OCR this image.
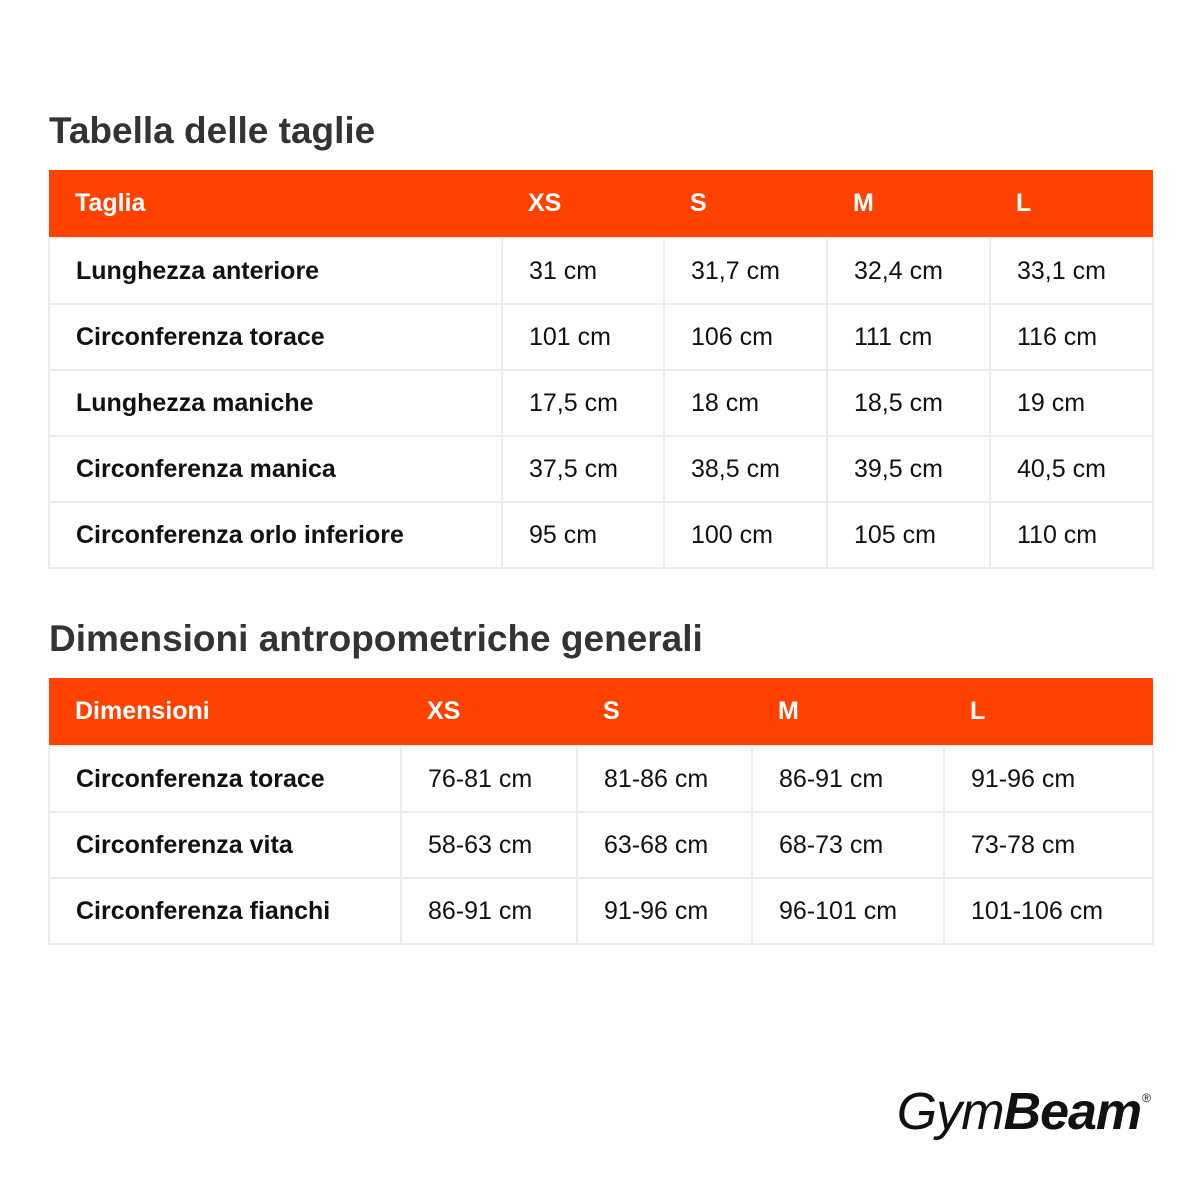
Tabella delle taglie
Taglia	XS	S	M	L
Lunghezza anteriore	31 cm	31,7 cm	32,4 cm	33,1 cm
Circonferenza torace	101 cm	106 cm	111 cm	116 cm
Lunghezza maniche	17,5 cm	18 cm	18,5 cm	19 cm
Circonferenza manica	37,5 cm	38,5 cm	39,5 cm	40,5 cm
Circonferenza orlo inferiore	95 cm	100 cm	105 cm	110 cm
Dimensioni antropometriche generali
Dimensioni	XS	S	M	L
Circonferenza torace	76-81 cm	81-86 cm	86-91 cm	91-96 cm
Circonferenza vita	58-63 cm	63-68 cm	68-73 cm	73-78 cm
Circonferenza fianchi	86-91 cm	91-96 cm	96-101 cm	101-106 cm
GymBeam®
